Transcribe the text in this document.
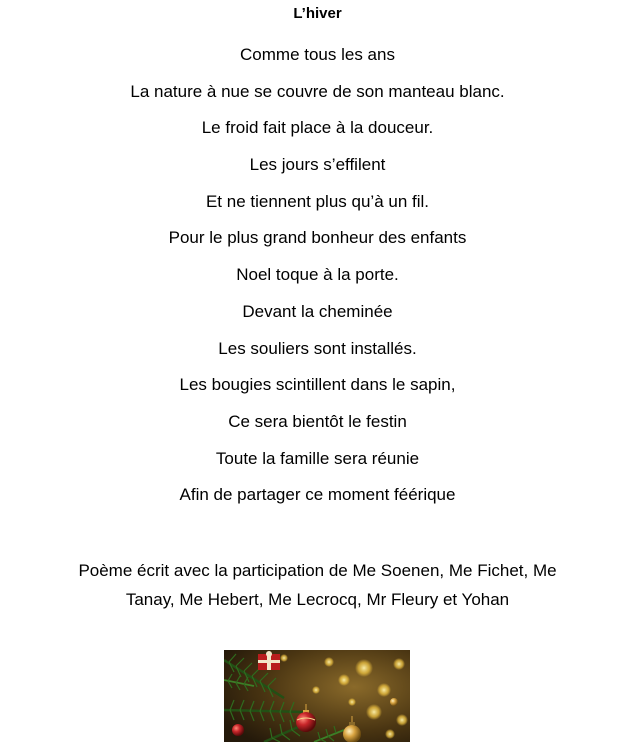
L’hiver
Comme tous les ans
La nature à nue se couvre de son manteau blanc.
Le froid fait place à la douceur.
Les jours s’effilent
Et ne tiennent plus qu’à un fil.
Pour le plus grand bonheur des enfants
Noel toque à la porte.
Devant la cheminée
Les souliers sont installés.
Les bougies scintillent dans le sapin,
Ce sera bientôt le festin
Toute la famille sera réunie
Afin de partager ce moment féérique
Poème écrit avec la participation de Me Soenen, Me Fichet, Me Tanay, Me Hebert, Me Lecrocq, Mr Fleury et Yohan
